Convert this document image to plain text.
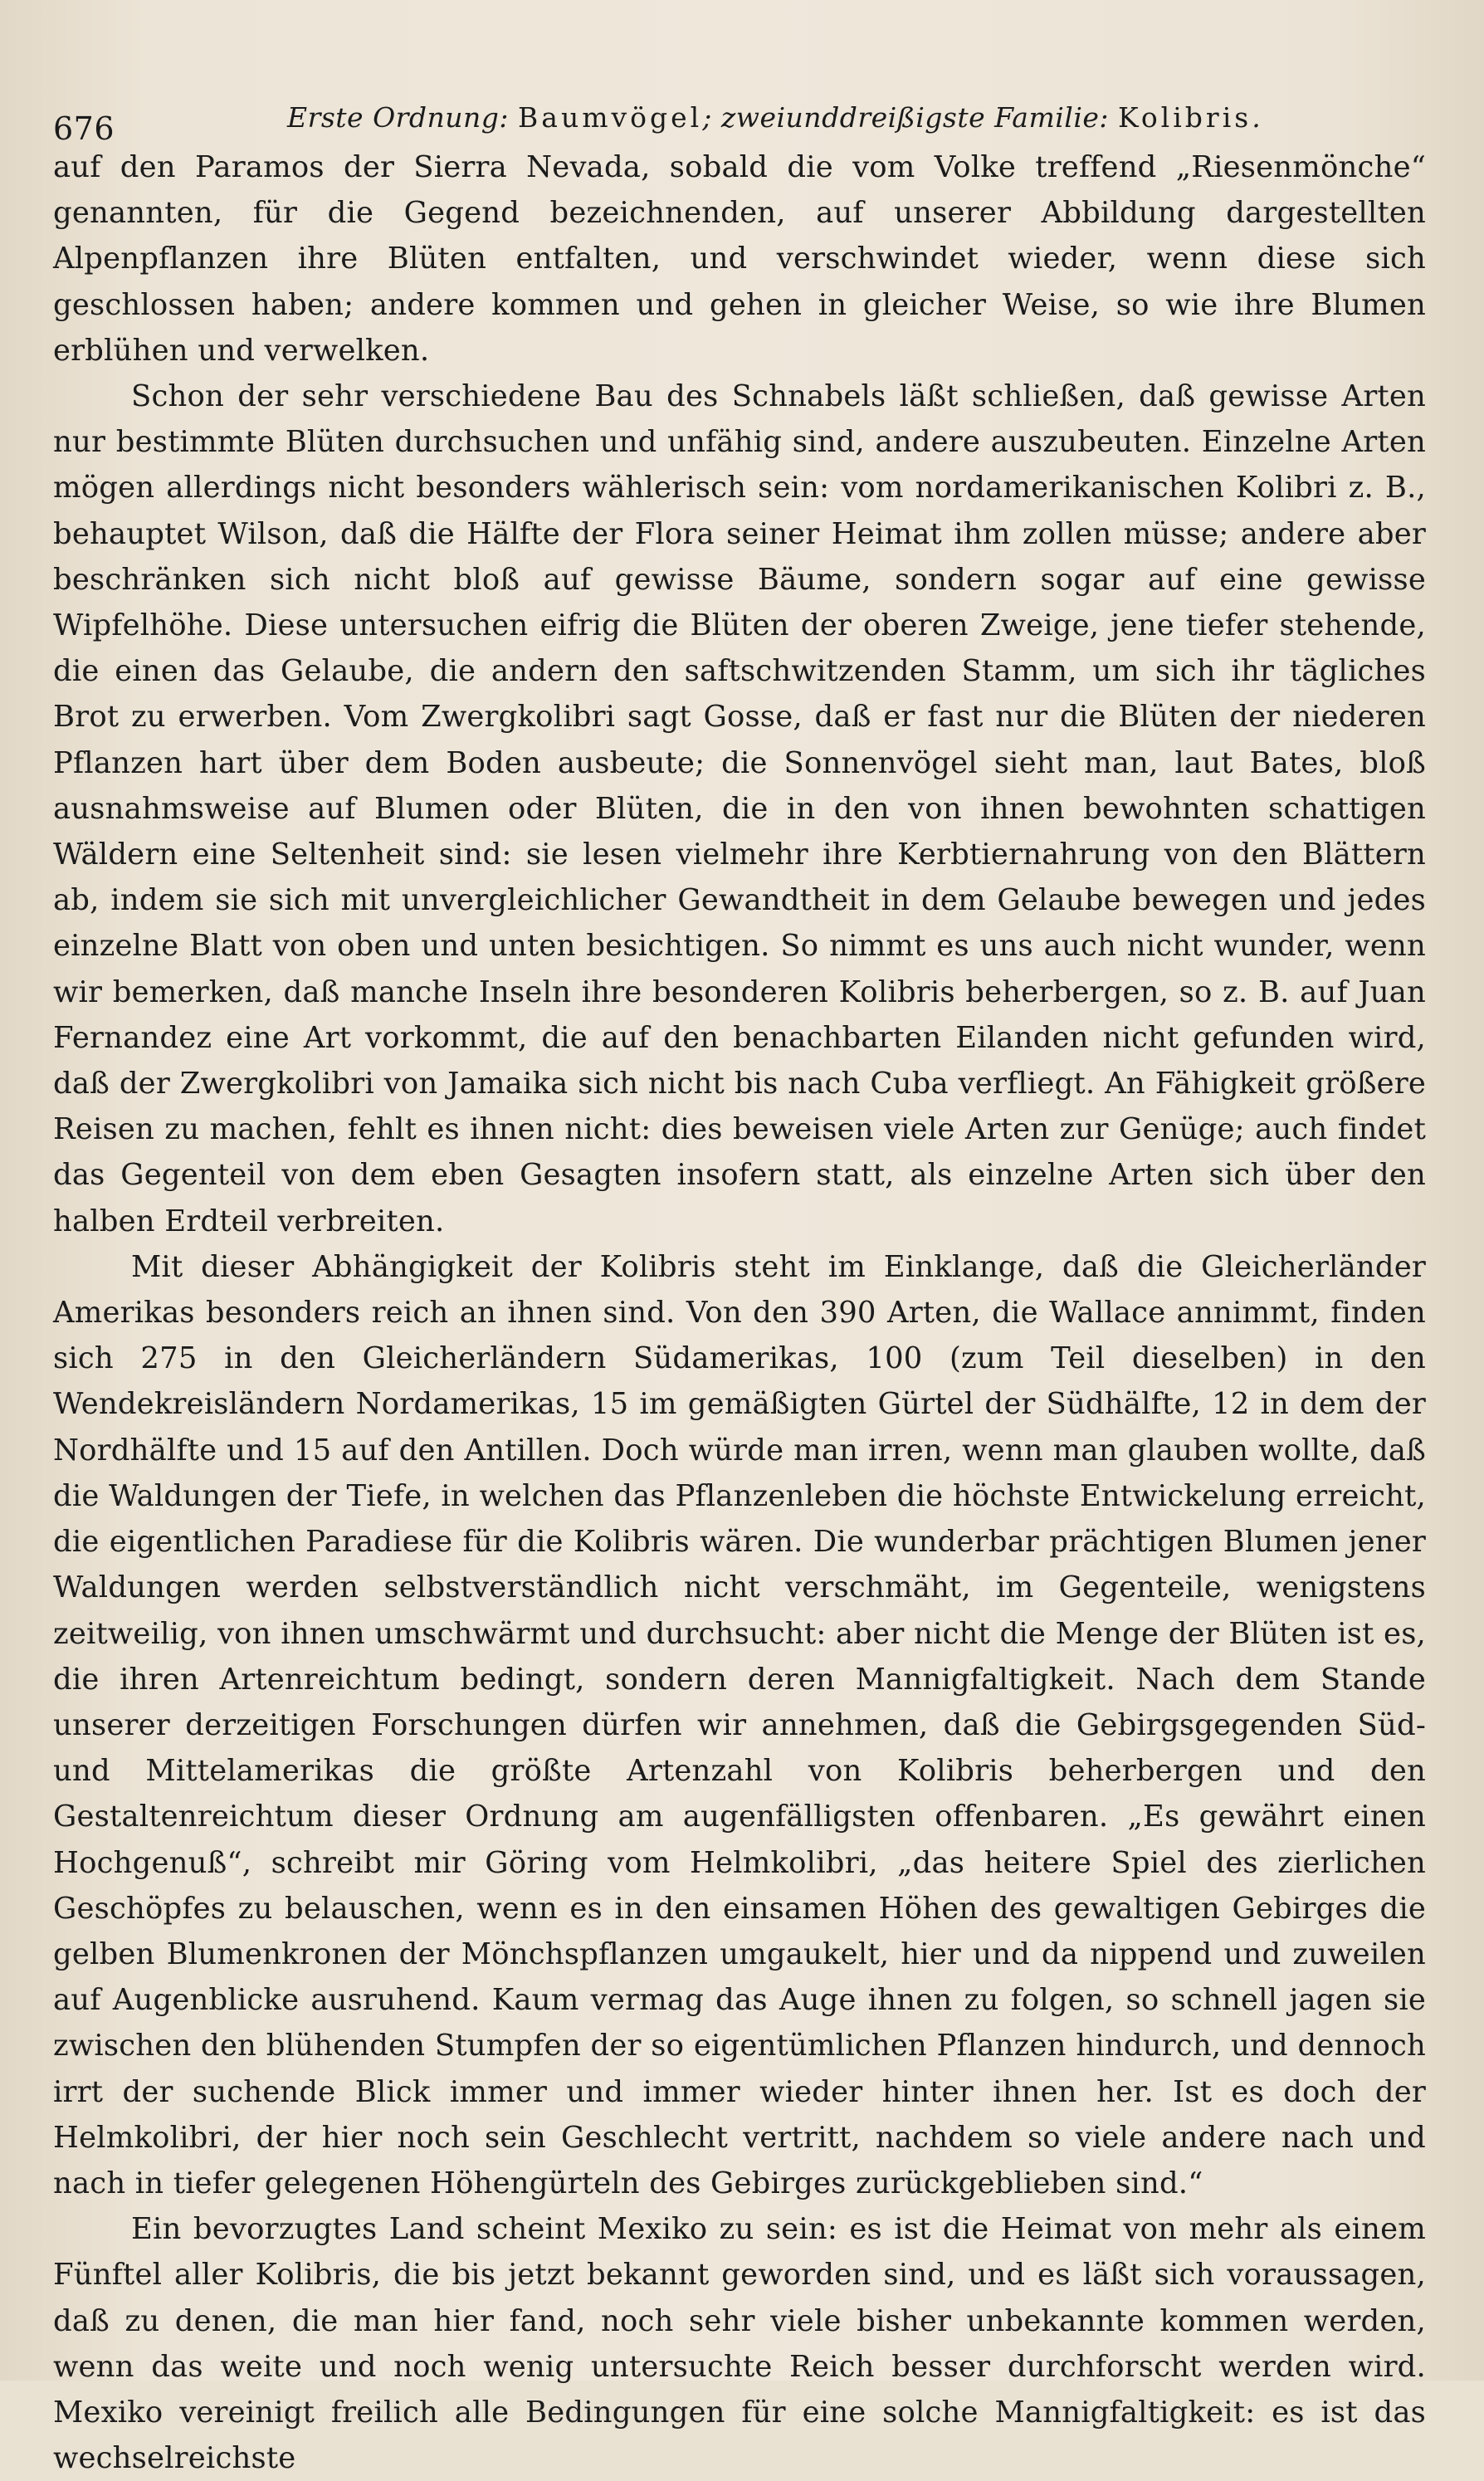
676	Erste Ordnung: Baumvögel; zweiunddreißigste Familie: Kolibris.

auf den Paramos der Sierra Nevada, sobald die vom Volke treffend „Riesenmönche“ genannten, für die Gegend bezeichnenden, auf unserer Abbildung dargestellten Alpenpflanzen ihre Blüten entfalten, und verschwindet wieder, wenn diese sich geschlossen haben; andere kommen und gehen in gleicher Weise, so wie ihre Blumen erblühen und verwelken.

Schon der sehr verschiedene Bau des Schnabels läßt schließen, daß gewisse Arten nur bestimmte Blüten durchsuchen und unfähig sind, andere auszubeuten. Einzelne Arten mögen allerdings nicht besonders wählerisch sein: vom nordamerikanischen Kolibri z. B., behauptet Wilson, daß die Hälfte der Flora seiner Heimat ihm zollen müsse; andere aber beschränken sich nicht bloß auf gewisse Bäume, sondern sogar auf eine gewisse Wipfelhöhe. Diese untersuchen eifrig die Blüten der oberen Zweige, jene tiefer stehende, die einen das Gelaube, die andern den saftschwitzenden Stamm, um sich ihr tägliches Brot zu erwerben. Vom Zwergkolibri sagt Gosse, daß er fast nur die Blüten der niederen Pflanzen hart über dem Boden ausbeute; die Sonnenvögel sieht man, laut Bates, bloß ausnahmsweise auf Blumen oder Blüten, die in den von ihnen bewohnten schattigen Wäldern eine Seltenheit sind: sie lesen vielmehr ihre Kerbtiernahrung von den Blättern ab, indem sie sich mit unvergleichlicher Gewandtheit in dem Gelaube bewegen und jedes einzelne Blatt von oben und unten besichtigen. So nimmt es uns auch nicht wunder, wenn wir bemerken, daß manche Inseln ihre besonderen Kolibris beherbergen, so z. B. auf Juan Fernandez eine Art vorkommt, die auf den benachbarten Eilanden nicht gefunden wird, daß der Zwergkolibri von Jamaika sich nicht bis nach Cuba verfliegt. An Fähigkeit größere Reisen zu machen, fehlt es ihnen nicht: dies beweisen viele Arten zur Genüge; auch findet das Gegenteil von dem eben Gesagten insofern statt, als einzelne Arten sich über den halben Erdteil verbreiten.

Mit dieser Abhängigkeit der Kolibris steht im Einklange, daß die Gleicherländer Amerikas besonders reich an ihnen sind. Von den 390 Arten, die Wallace annimmt, finden sich 275 in den Gleicherländern Südamerikas, 100 (zum Teil dieselben) in den Wendekreisländern Nordamerikas, 15 im gemäßigten Gürtel der Südhälfte, 12 in dem der Nordhälfte und 15 auf den Antillen. Doch würde man irren, wenn man glauben wollte, daß die Waldungen der Tiefe, in welchen das Pflanzenleben die höchste Entwickelung erreicht, die eigentlichen Paradiese für die Kolibris wären. Die wunderbar prächtigen Blumen jener Waldungen werden selbstverständlich nicht verschmäht, im Gegenteile, wenigstens zeitweilig, von ihnen umschwärmt und durchsucht: aber nicht die Menge der Blüten ist es, die ihren Artenreichtum bedingt, sondern deren Mannigfaltigkeit. Nach dem Stande unserer derzeitigen Forschungen dürfen wir annehmen, daß die Gebirgsgegenden Süd- und Mittelamerikas die größte Artenzahl von Kolibris beherbergen und den Gestaltenreichtum dieser Ordnung am augenfälligsten offenbaren. „Es gewährt einen Hochgenuß“, schreibt mir Göring vom Helmkolibri, „das heitere Spiel des zierlichen Geschöpfes zu belauschen, wenn es in den einsamen Höhen des gewaltigen Gebirges die gelben Blumenkronen der Mönchspflanzen umgaukelt, hier und da nippend und zuweilen auf Augenblicke ausruhend. Kaum vermag das Auge ihnen zu folgen, so schnell jagen sie zwischen den blühenden Stumpfen der so eigentümlichen Pflanzen hindurch, und dennoch irrt der suchende Blick immer und immer wieder hinter ihnen her. Ist es doch der Helmkolibri, der hier noch sein Geschlecht vertritt, nachdem so viele andere nach und nach in tiefer gelegenen Höhengürteln des Gebirges zurückgeblieben sind.“

Ein bevorzugtes Land scheint Mexiko zu sein: es ist die Heimat von mehr als einem Fünftel aller Kolibris, die bis jetzt bekannt geworden sind, und es läßt sich voraussagen, daß zu denen, die man hier fand, noch sehr viele bisher unbekannte kommen werden, wenn das weite und noch wenig untersuchte Reich besser durchforscht werden wird. Mexiko vereinigt freilich alle Bedingungen für eine solche Mannigfaltigkeit: es ist das wechselreichste
